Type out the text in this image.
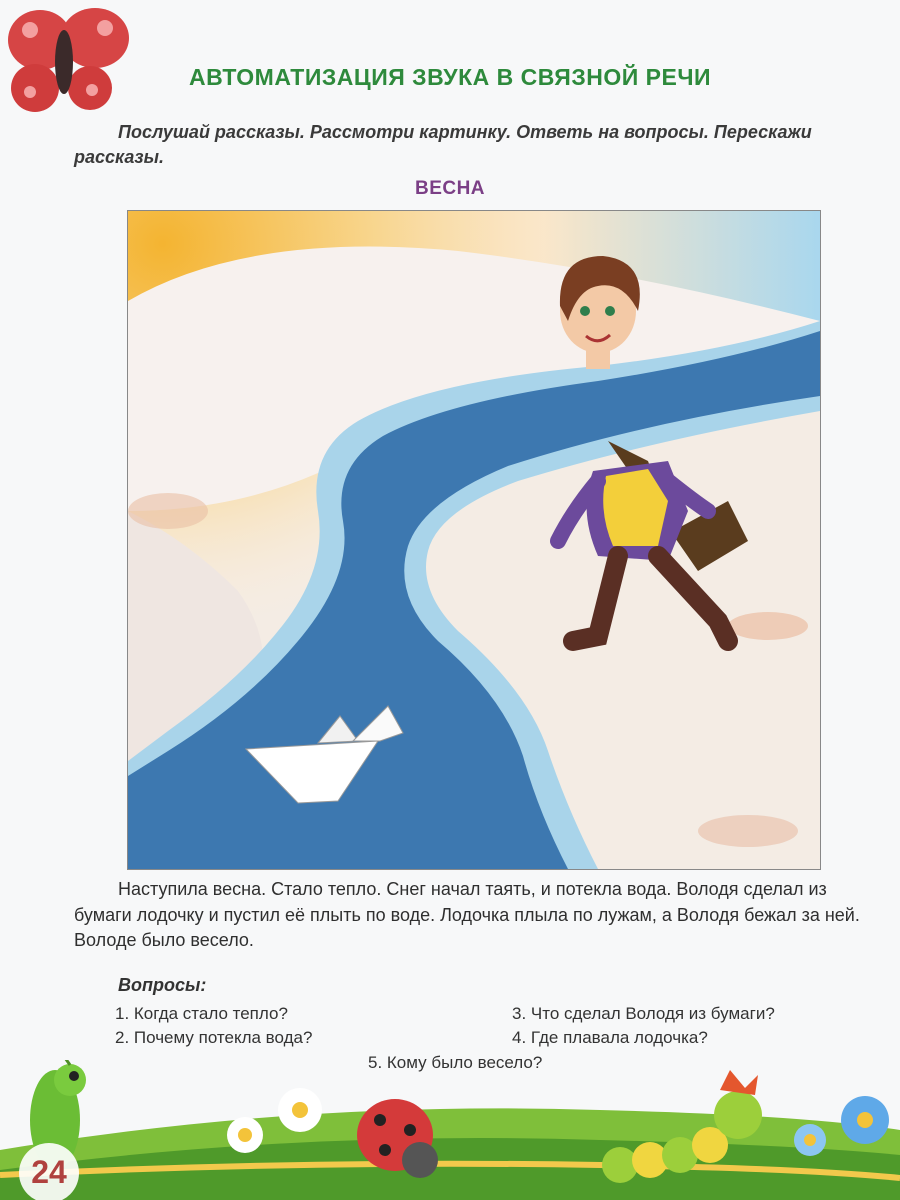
АВТОМАТИЗАЦИЯ ЗВУКА В СВЯЗНОЙ РЕЧИ
Послушай рассказы. Рассмотри картинку. Ответь на вопросы. Перескажи рассказы.
ВЕСНА
Наступила весна. Стало тепло. Снег начал таять, и потекла вода. Володя сделал из бумаги лодочку и пустил её плыть по воде. Лодочка плыла по лужам, а Володя бежал за ней. Володе было весело.
Вопросы:
1. Когда стало тепло?
2. Почему потекла вода?
3. Что сделал Володя из бумаги?
4. Где плавала лодочка?
5. Кому было весело?
24
